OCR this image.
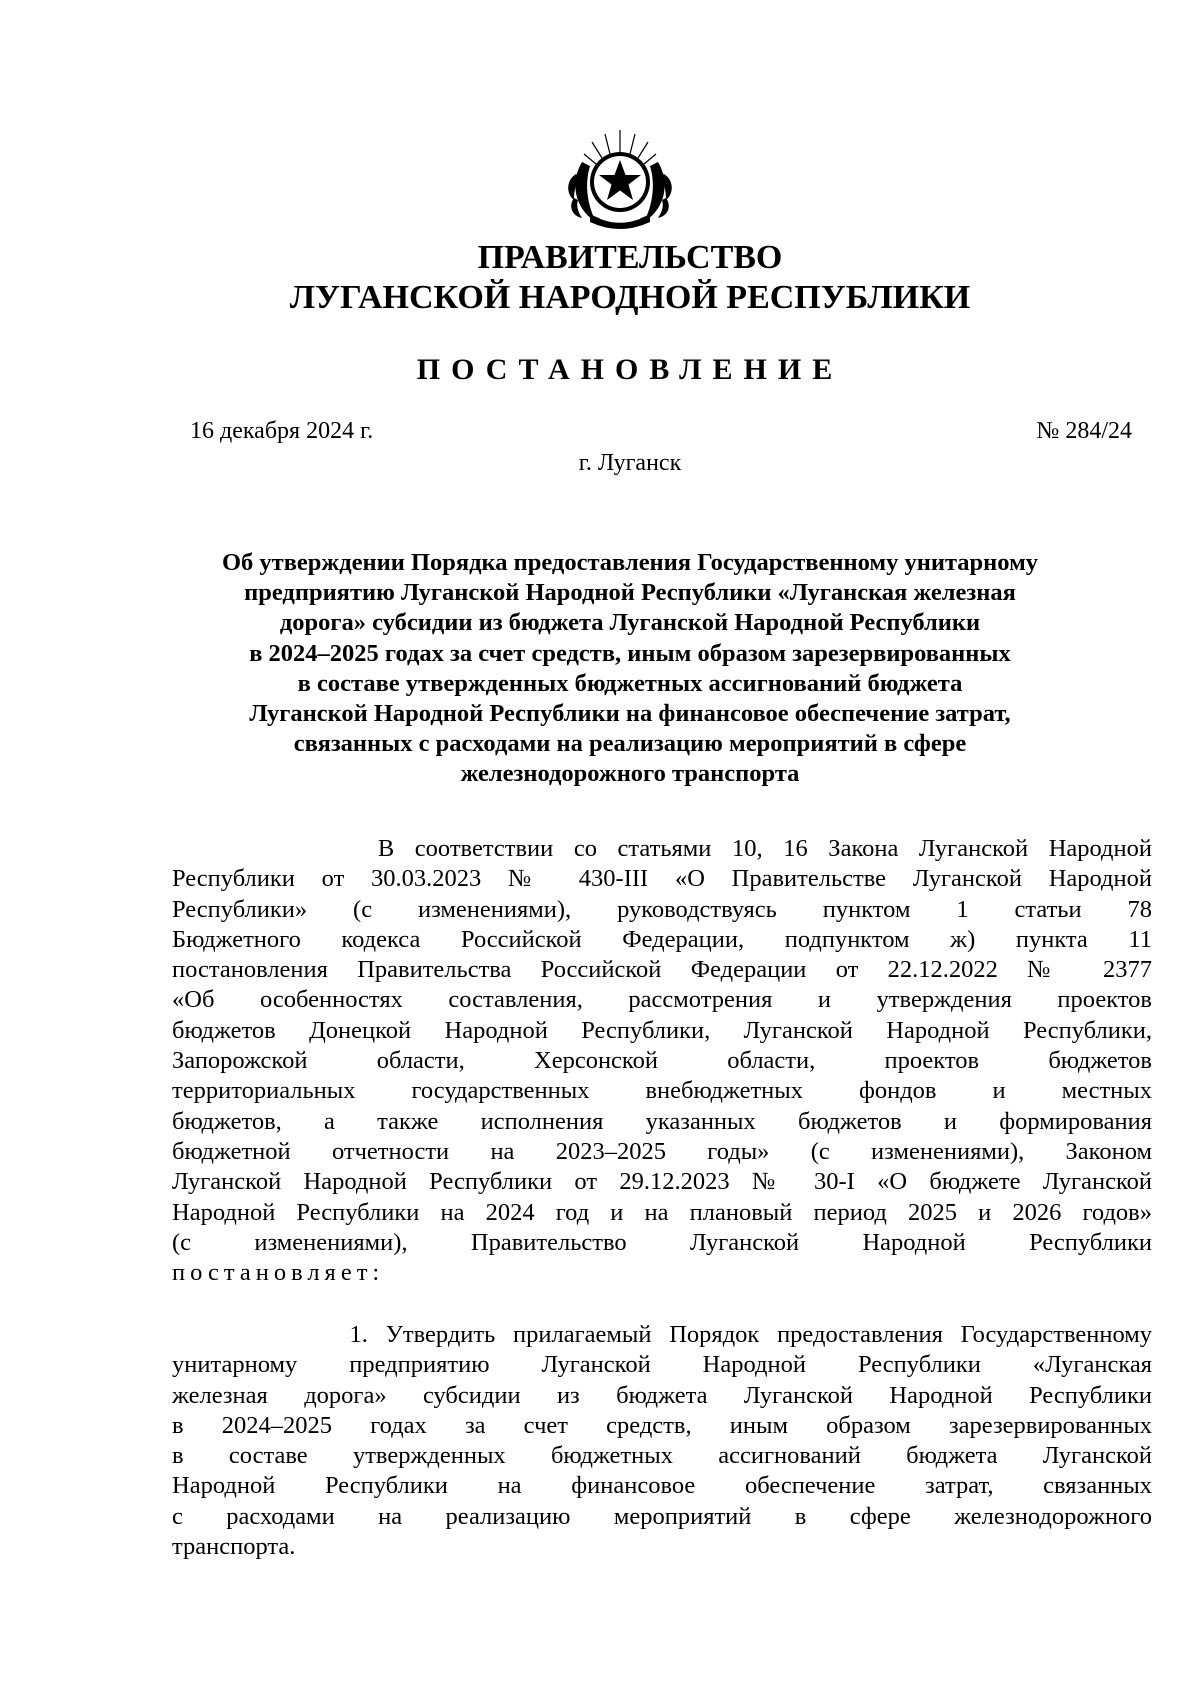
ПРАВИТЕЛЬСТВО
ЛУГАНСКОЙ НАРОДНОЙ РЕСПУБЛИКИ
ПОСТАНОВЛЕНИЕ
16 декабря 2024 г.	№ 284/24
г. Луганск
Об утверждении Порядка предоставления Государственному унитарному
предприятию Луганской Народной Республики «Луганская железная
дорога» субсидии из бюджета Луганской Народной Республики
в 2024–2025 годах за счет средств, иным образом зарезервированных
в составе утвержденных бюджетных ассигнований бюджета
Луганской Народной Республики на финансовое обеспечение затрат,
связанных с расходами на реализацию мероприятий в сфере
железнодорожного транспорта
В соответствии со статьями 10, 16 Закона Луганской Народной
Республики от 30.03.2023 № 430-III «О Правительстве Луганской Народной
Республики» (с изменениями), руководствуясь пунктом 1 статьи 78
Бюджетного кодекса Российской Федерации, подпунктом ж) пункта 11
постановления Правительства Российской Федерации от 22.12.2022 № 2377
«Об особенностях составления, рассмотрения и утверждения проектов
бюджетов Донецкой Народной Республики, Луганской Народной Республики,
Запорожской области, Херсонской области, проектов бюджетов
территориальных государственных внебюджетных фондов и местных
бюджетов, а также исполнения указанных бюджетов и формирования
бюджетной отчетности на 2023–2025 годы» (с изменениями), Законом
Луганской Народной Республики от 29.12.2023 № 30-I «О бюджете Луганской
Народной Республики на 2024 год и на плановый период 2025 и 2026 годов»
(с изменениями), Правительство Луганской Народной Республики
постановляет:
1. Утвердить прилагаемый Порядок предоставления Государственному
унитарному предприятию Луганской Народной Республики «Луганская
железная дорога» субсидии из бюджета Луганской Народной Республики
в 2024–2025 годах за счет средств, иным образом зарезервированных
в составе утвержденных бюджетных ассигнований бюджета Луганской
Народной Республики на финансовое обеспечение затрат, связанных
с расходами на реализацию мероприятий в сфере железнодорожного
транспорта.
